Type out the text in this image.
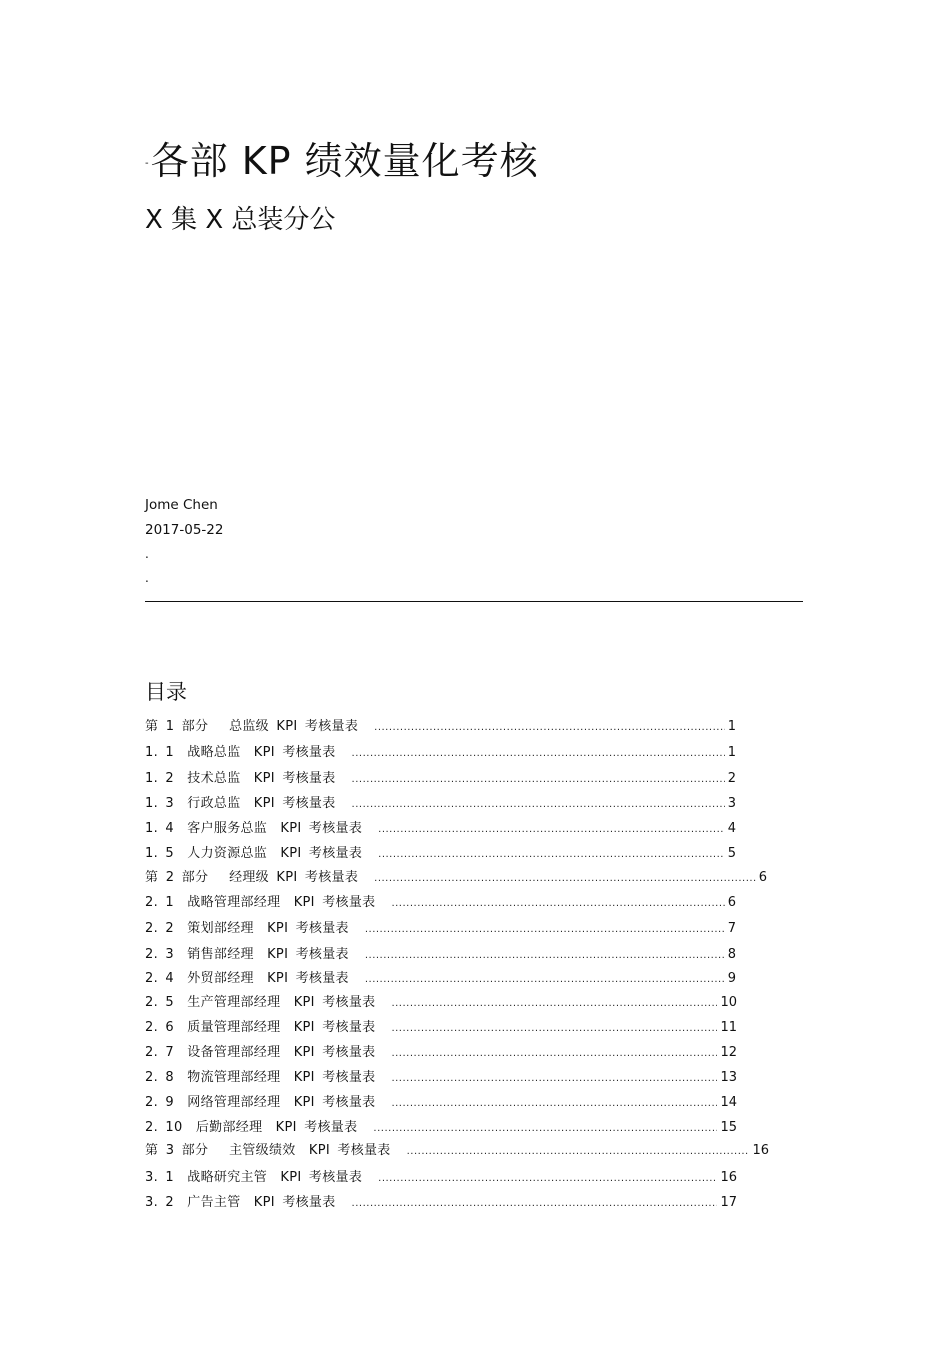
-各部 KP 绩效量化考核
X 集 X 总装分公
Jome Chen
2017-05-22
.
.
目录
第 1 部分　 总监级 KPI 考核量表 .....	1
1. 1　战略总监　KPI 考核量表 .....	1
1. 2　技术总监　KPI 考核量表 .....	2
1. 3　行政总监　KPI 考核量表 .....	3
1. 4　客户服务总监　KPI 考核量表 .....	4
1. 5　人力资源总监　KPI 考核量表 .....	5
第 2 部分　 经理级 KPI 考核量表 .....	6
2. 1　战略管理部经理　KPI 考核量表 .....	6
2. 2　策划部经理　KPI 考核量表 .....	7
2. 3　销售部经理　KPI 考核量表 .....	8
2. 4　外贸部经理　KPI 考核量表 .....	9
2. 5　生产管理部经理　KPI 考核量表 .....	10
2. 6　质量管理部经理　KPI 考核量表 .....	11
2. 7　设备管理部经理　KPI 考核量表 .....	12
2. 8　物流管理部经理　KPI 考核量表 .....	13
2. 9　网络管理部经理　KPI 考核量表 .....	14
2. 10　后勤部经理　KPI 考核量表 .....	15
第 3 部分　 主管级绩效　KPI 考核量表 .....	16
3. 1　战略研究主管　KPI 考核量表 .....	16
3. 2　广告主管　KPI 考核量表 .....	17
